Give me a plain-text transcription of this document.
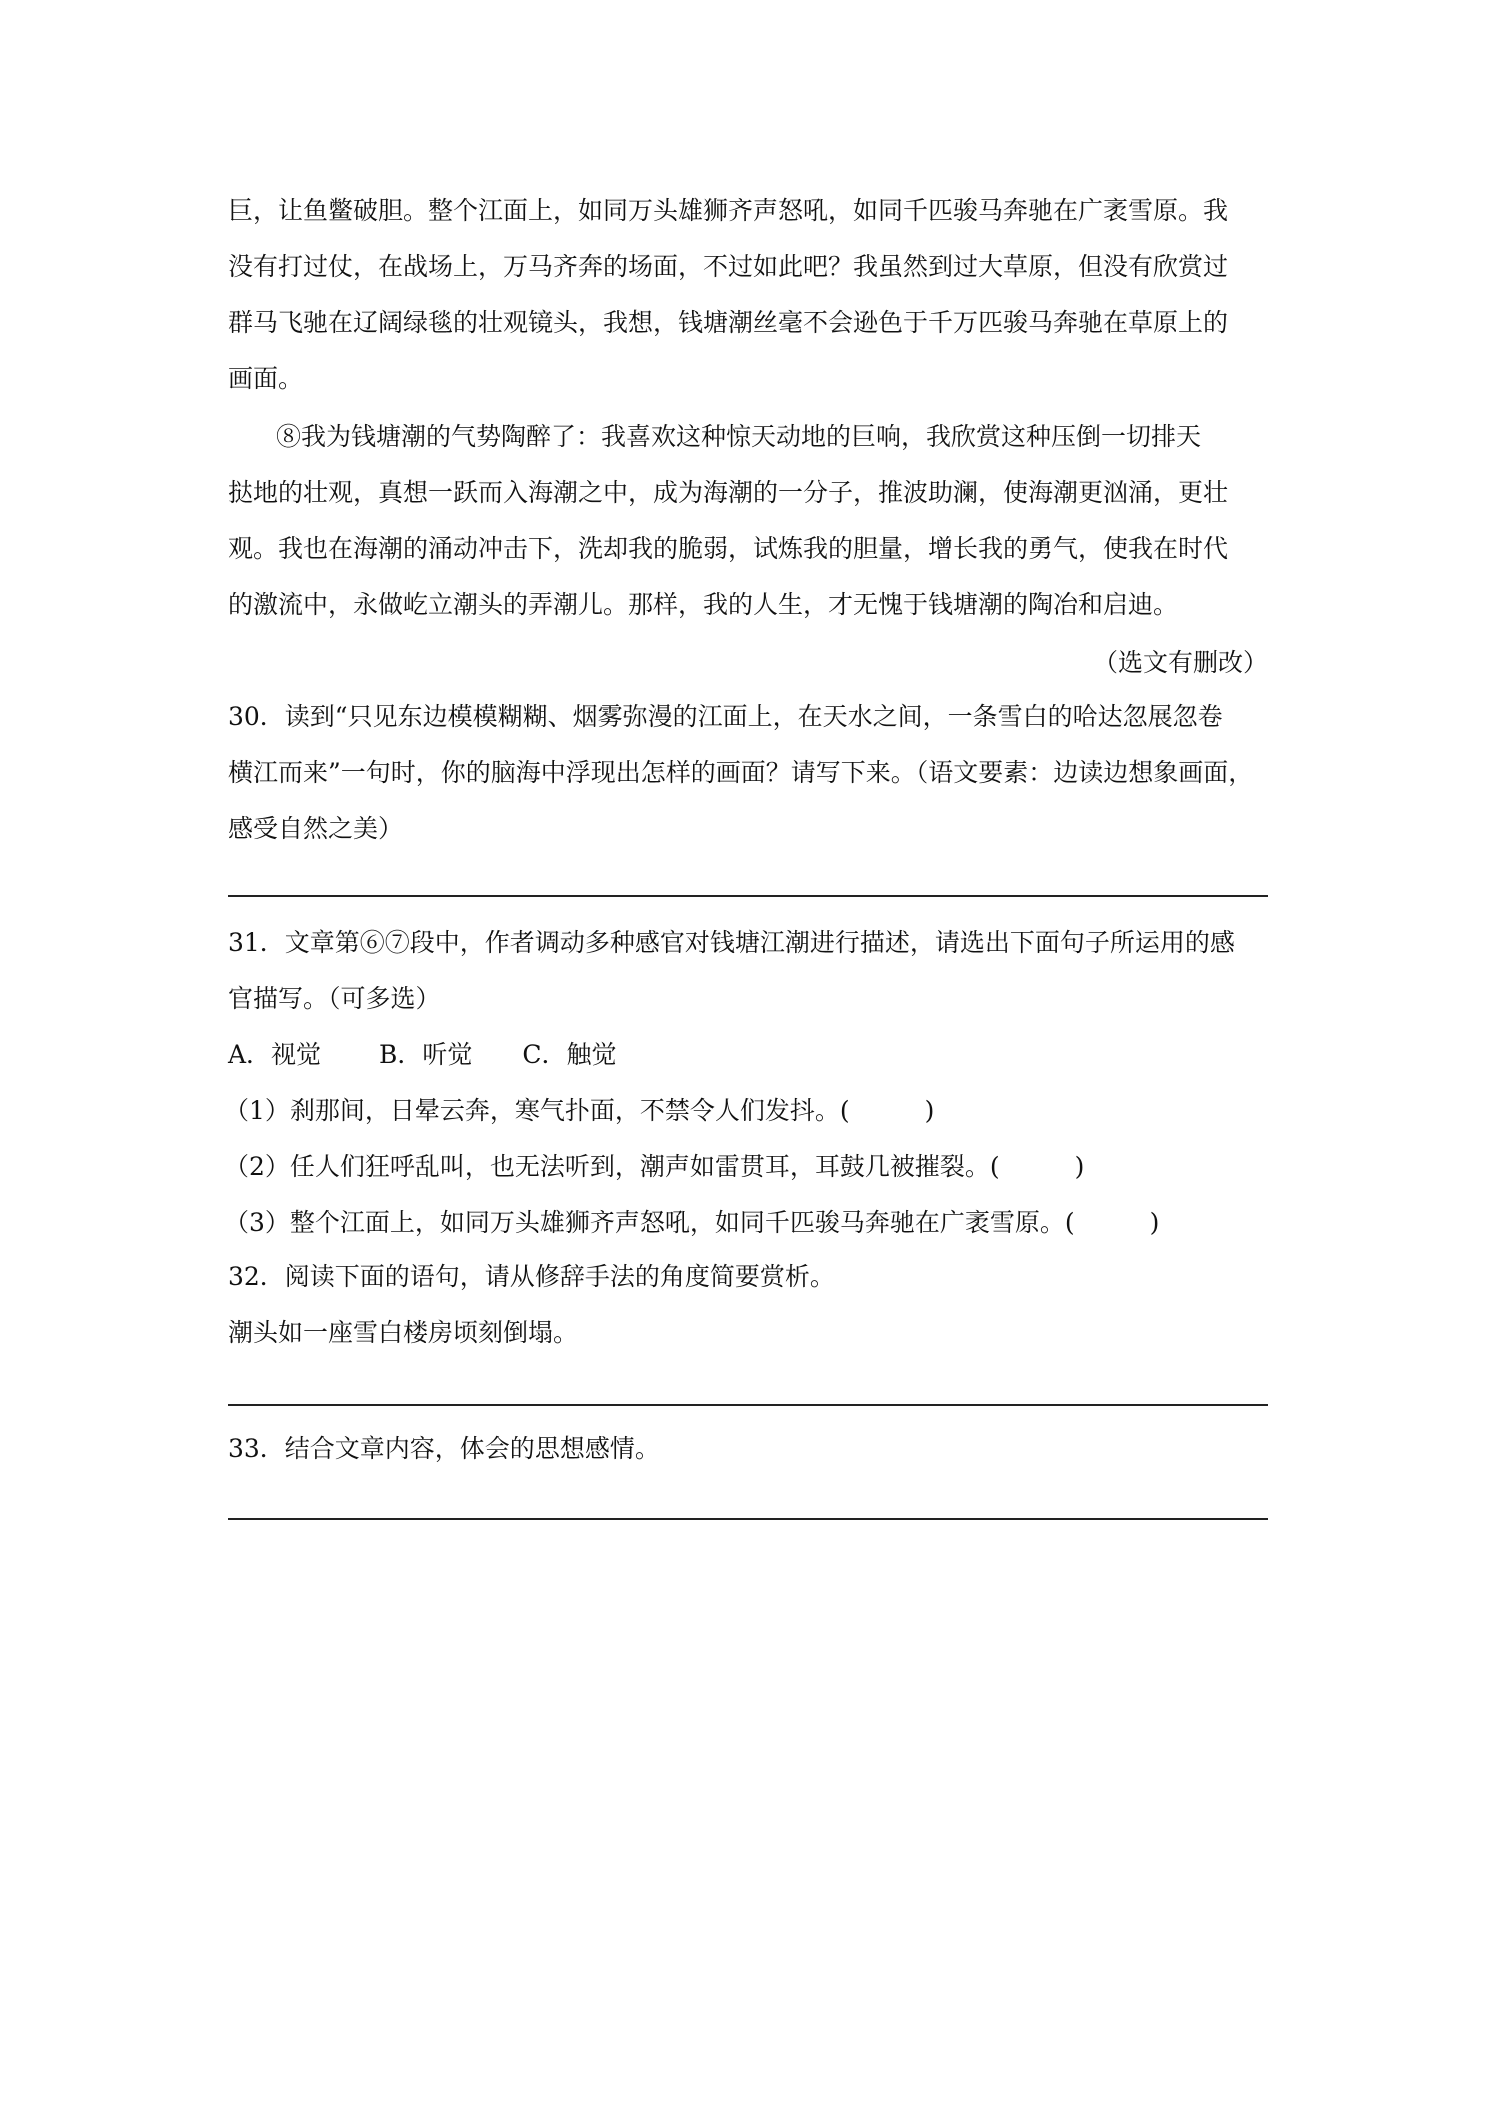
巨，让鱼鳖破胆。整个江面上，如同万头雄狮齐声怒吼，如同千匹骏马奔驰在广袤雪原。我
没有打过仗，在战场上，万马齐奔的场面，不过如此吧？我虽然到过大草原，但没有欣赏过
群马飞驰在辽阔绿毯的壮观镜头，我想，钱塘潮丝毫不会逊色于千万匹骏马奔驰在草原上的
画面。
⑧我为钱塘潮的气势陶醉了：我喜欢这种惊天动地的巨响，我欣赏这种压倒一切排天
挞地的壮观，真想一跃而入海潮之中，成为海潮的一分子，推波助澜，使海潮更汹涌，更壮
观。我也在海潮的涌动冲击下，洗却我的脆弱，试炼我的胆量，增长我的勇气，使我在时代
的激流中，永做屹立潮头的弄潮儿。那样，我的人生，才无愧于钱塘潮的陶冶和启迪。
（选文有删改）
30．读到“只见东边模模糊糊、烟雾弥漫的江面上，在天水之间，一条雪白的哈达忽展忽卷
横江而来”一句时，你的脑海中浮现出怎样的画面？请写下来。（语文要素：边读边想象画面，
感受自然之美）
31．文章第⑥⑦段中，作者调动多种感官对钱塘江潮进行描述，请选出下面句子所运用的感
官描写。（可多选）
A．视觉　　 B．听觉　　C．触觉
（1）刹那间，日晕云奔，寒气扑面，不禁令人们发抖。(　　　)
（2）任人们狂呼乱叫，也无法听到，潮声如雷贯耳，耳鼓几被摧裂。(　　　)
（3）整个江面上，如同万头雄狮齐声怒吼，如同千匹骏马奔驰在广袤雪原。(　　　)
32．阅读下面的语句，请从修辞手法的角度简要赏析。
潮头如一座雪白楼房顷刻倒塌。
33．结合文章内容，体会的思想感情。
